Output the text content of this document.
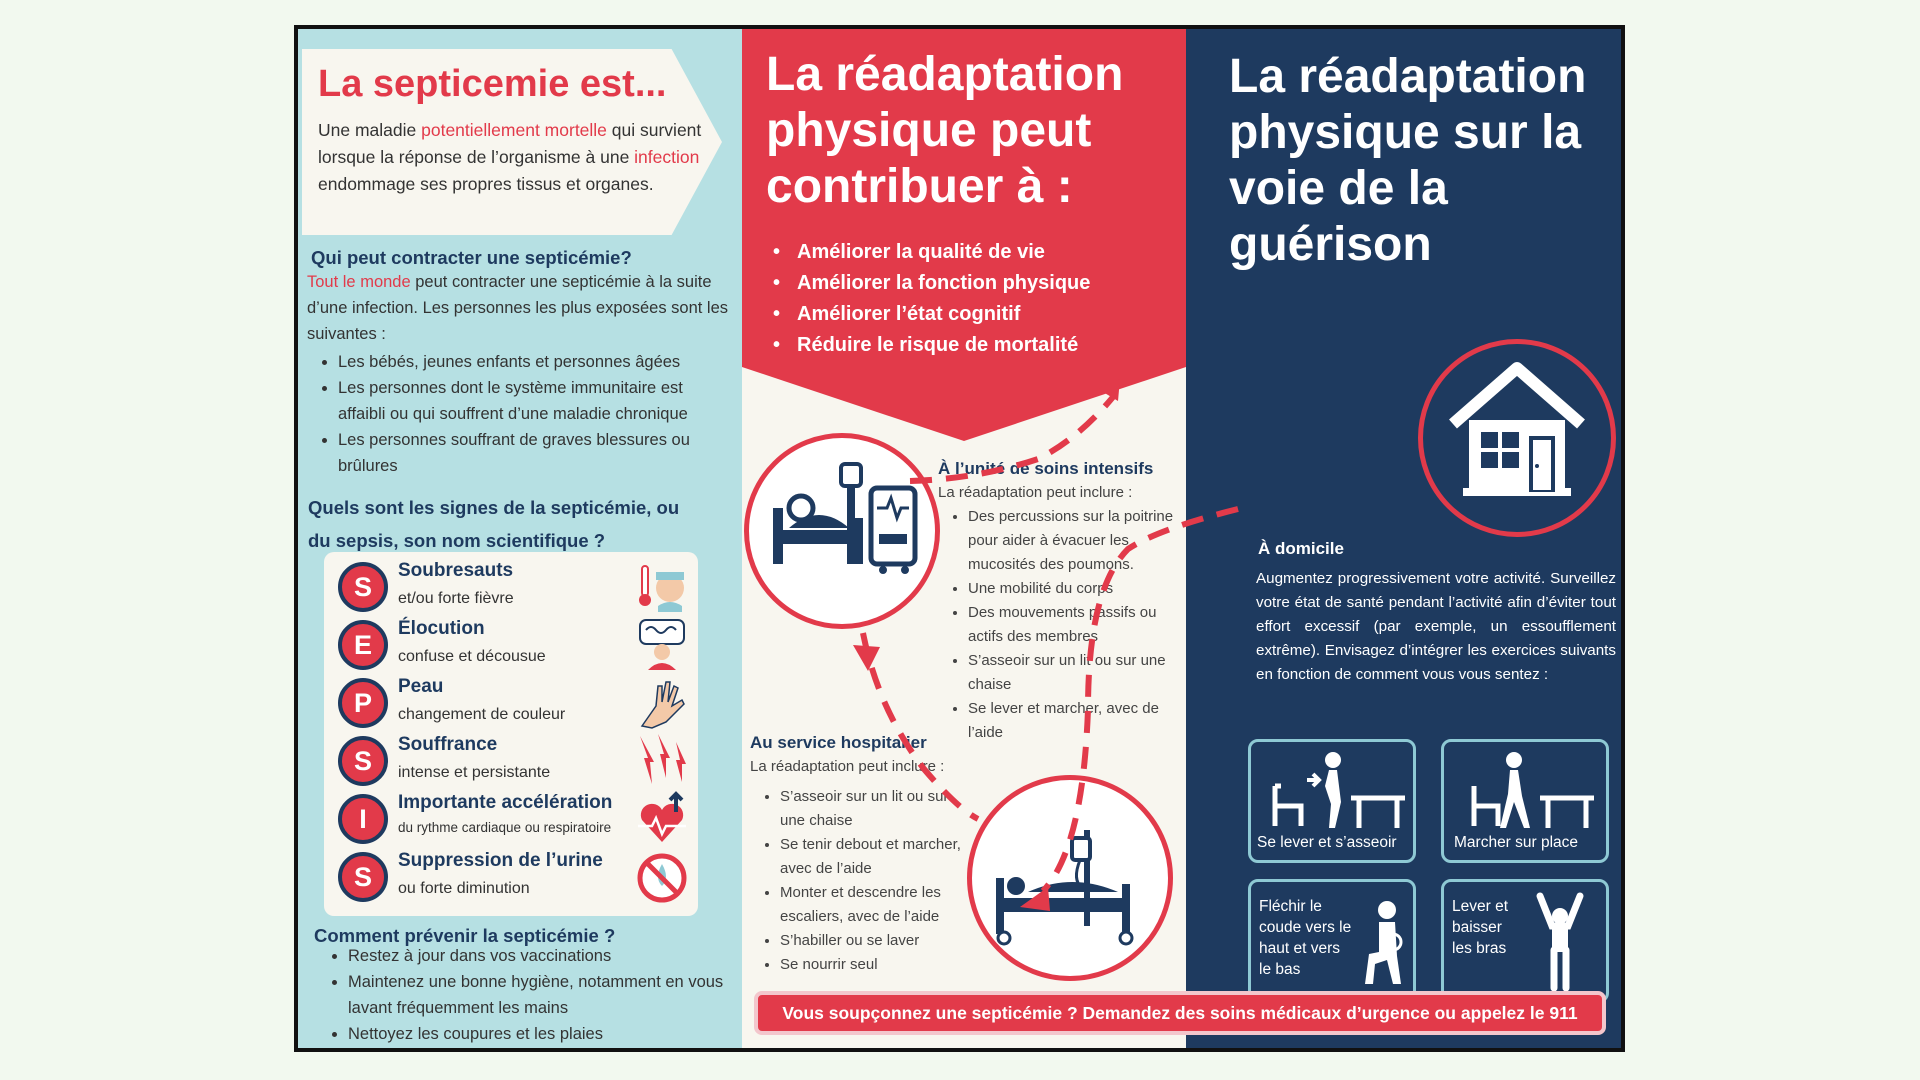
La septicemie est...
Une maladie potentiellement mortelle qui survient lorsque la réponse de l’organisme à une infection endommage ses propres tissus et organes.
Qui peut contracter une septicémie?
Tout le monde peut contracter une septicémie à la suite d’une infection. Les personnes les plus exposées sont les suivantes :
• Les bébés, jeunes enfants et personnes âgées
• Les personnes dont le système immunitaire est affaibli ou qui souffrent d’une maladie chronique
• Les personnes souffrant de graves blessures ou brûlures
Quels sont les signes de la septicémie, ou
du sepsis, son nom scientifique ?
S
Soubresauts
et/ou forte fièvre
E
Élocution
confuse et décousue
P
Peau
changement de couleur
S
Souffrance
intense et persistante
I
Importante accélération
du rythme cardiaque ou respiratoire
S
Suppression de l’urine
ou forte diminution
Comment prévenir la septicémie ?
• Restez à jour dans vos vaccinations
• Maintenez une bonne hygiène, notamment en vous lavant fréquemment les mains
• Nettoyez les coupures et les plaies
La réadaptation physique peut contribuer à :
• Améliorer la qualité de vie
• Améliorer la fonction physique
• Améliorer l’état cognitif
• Réduire le risque de mortalité
À l’unité de soins intensifs
La réadaptation peut inclure :
• Des percussions sur la poitrine pour aider à évacuer les mucosités des poumons.
• Une mobilité du corps
• Des mouvements passifs ou actifs des membres
• S’asseoir sur un lit ou sur une chaise
• Se lever et marcher, avec de l’aide
Au service hospitalier
La réadaptation peut inclure :
• S’asseoir sur un lit ou sur une chaise
• Se tenir debout et marcher, avec de l’aide
• Monter et descendre les escaliers, avec de l’aide
• S’habiller ou se laver
• Se nourrir seul
La réadaptation physique sur la voie de la guérison
À domicile
Augmentez progressivement votre activité. Surveillez votre état de santé pendant l’activité afin d’éviter tout effort excessif (par exemple, un essoufflement extrême). Envisagez d’intégrer les exercices suivants en fonction de comment vous vous sentez :
Se lever et s’asseoir	Marcher sur place
Fléchir le coude vers le haut et vers le bas
Lever et baisser les bras
Vous soupçonnez une septicémie ? Demandez des soins médicaux d’urgence ou appelez le 911
